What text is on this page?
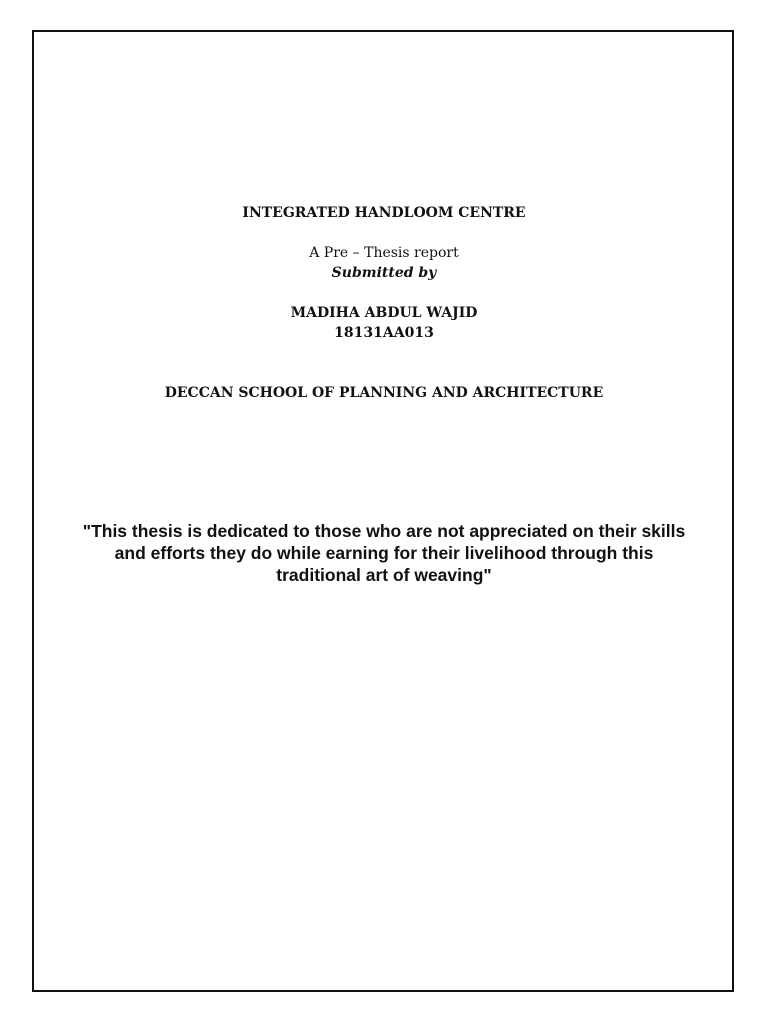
INTEGRATED HANDLOOM CENTRE
A Pre – Thesis report
Submitted by
MADIHA ABDUL WAJID
18131AA013
DECCAN SCHOOL OF PLANNING AND ARCHITECTURE
"This thesis is dedicated to those who are not appreciated on their skills
and efforts they do while earning for their livelihood through this
traditional art of weaving"
